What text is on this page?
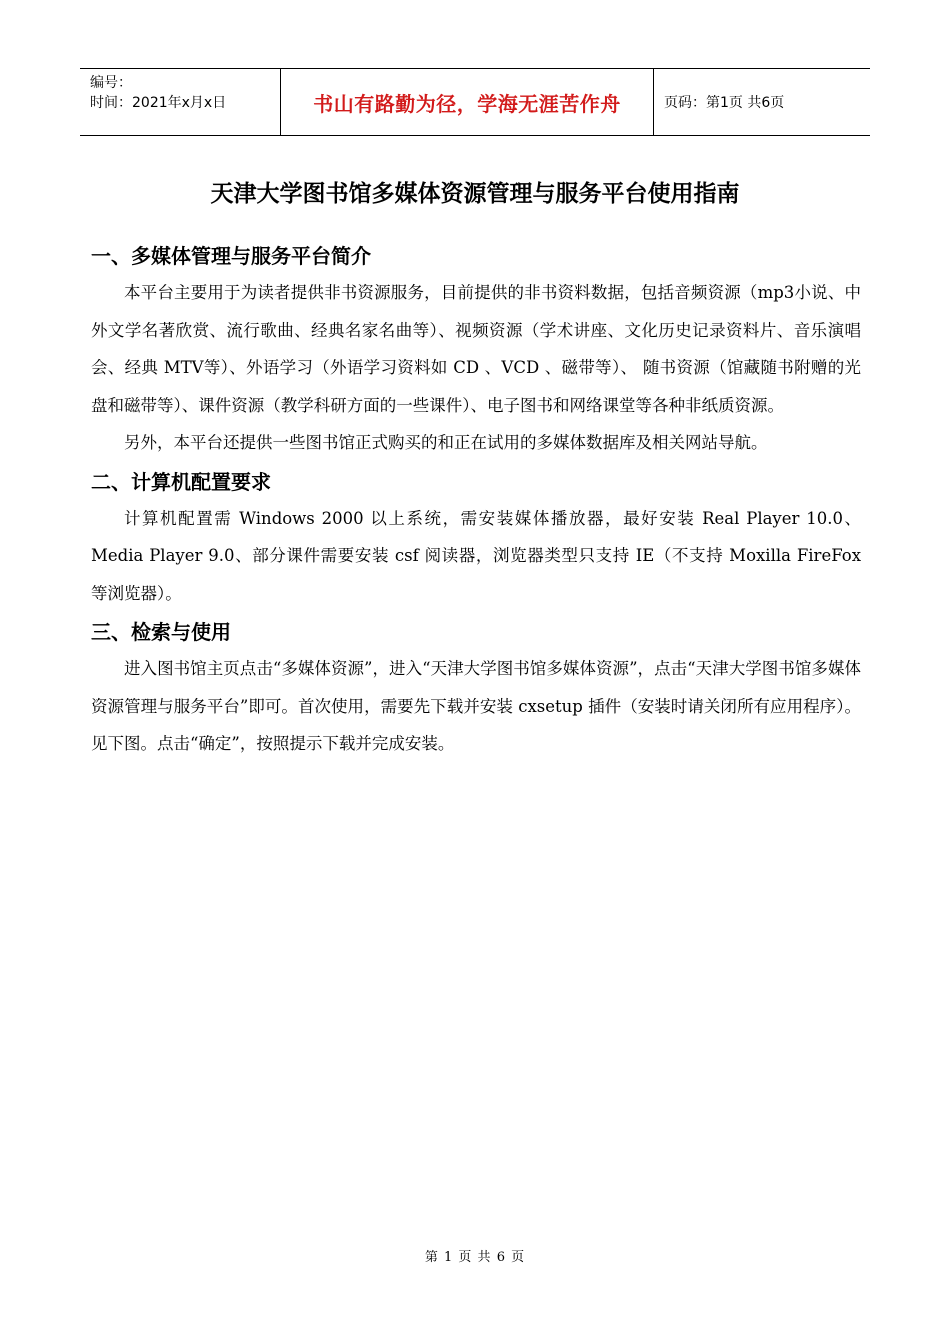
编号：
时间：2021年x月x日	书山有路勤为径，学海无涯苦作舟	页码：第1页 共6页
天津大学图书馆多媒体资源管理与服务平台使用指南
一、多媒体管理与服务平台简介

本平台主要用于为读者提供非书资源服务，目前提供的非书资料数据，包括音频资源（mp3小说、中外文学名著欣赏、流行歌曲、经典名家名曲等）、视频资源（学术讲座、文化历史记录资料片、音乐演唱会、经典 MTV等）、外语学习（外语学习资料如 CD 、VCD 、磁带等）、 随书资源（馆藏随书附赠的光盘和磁带等）、课件资源（教学科研方面的一些课件）、电子图书和网络课堂等各种非纸质资源。

另外，本平台还提供一些图书馆正式购买的和正在试用的多媒体数据库及相关网站导航。

二、计算机配置要求

计算机配置需 Windows 2000 以上系统，需安装媒体播放器，最好安装 Real Player 10.0、Media Player 9.0、部分课件需要安装 csf 阅读器，浏览器类型只支持 IE（不支持 Moxilla FireFox 等浏览器）。

三、检索与使用

进入图书馆主页点击“多媒体资源”，进入“天津大学图书馆多媒体资源”，点击“天津大学图书馆多媒体资源管理与服务平台”即可。首次使用，需要先下载并安装 cxsetup 插件（安装时请关闭所有应用程序）。见下图。点击“确定”，按照提示下载并完成安装。

第 1 页 共 6 页
